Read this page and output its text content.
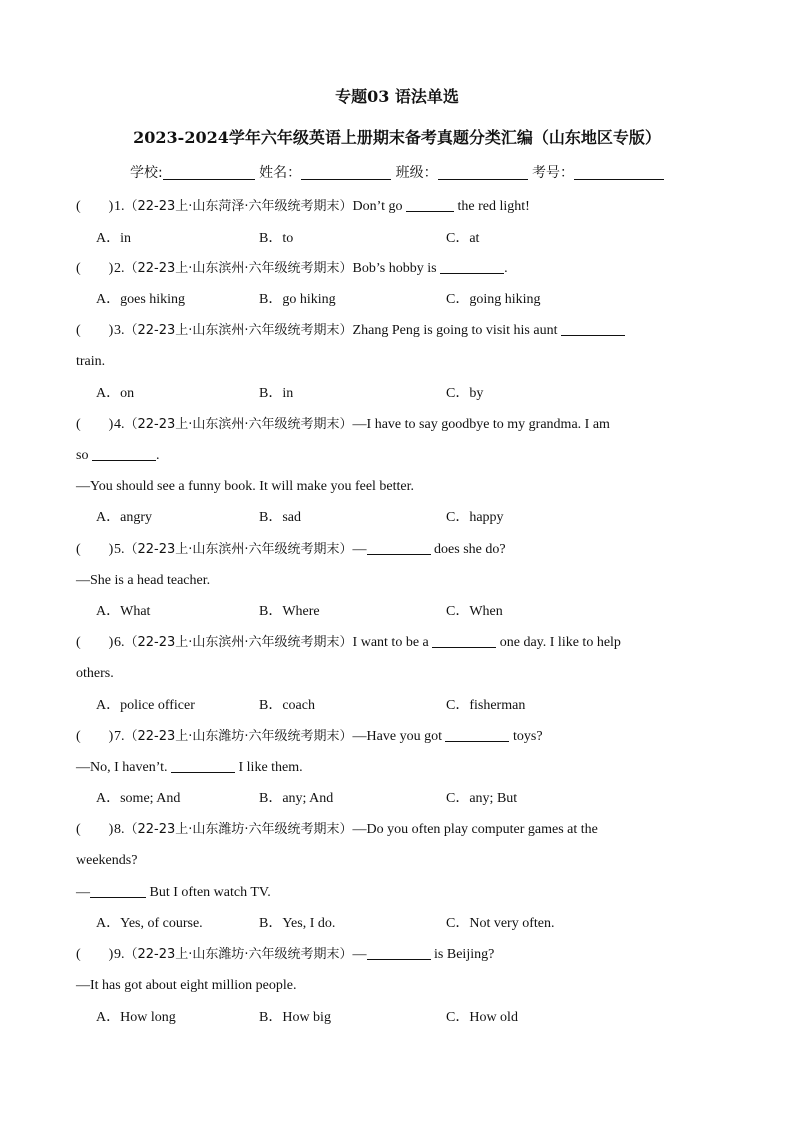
专题03 语法单选
2023-2024学年六年级英语上册期末备考真题分类汇编（山东地区专版）
学校:	姓名：	班级：	考号：
(　　)1.（22-23上·山东菏泽·六年级统考期末）Don’t go	the red light!
A．in	B．to	C．at
(　　)2.（22-23上·山东滨州·六年级统考期末）Bob’s hobby is	.
A．goes hiking	B．go hiking	C．going hiking
(　　)3.（22-23上·山东滨州·六年级统考期末）Zhang Peng is going to visit his aunt
train.
A．on	B．in	C．by
(　　)4.（22-23上·山东滨州·六年级统考期末）—I have to say goodbye to my grandma. I am
so	.
—You should see a funny book. It will make you feel better.
A．angry	B．sad	C．happy
(　　)5.（22-23上·山东滨州·六年级统考期末）—	does she do?
—She is a head teacher.
A．What	B．Where	C．When
(　　)6.（22-23上·山东滨州·六年级统考期末）I want to be a	one day. I like to help
others.
A．police officer	B．coach	C．fisherman
(　　)7.（22-23上·山东潍坊·六年级统考期末）—Have you got	toys?
—No, I haven’t.	I like them.
A．some; And	B．any; And	C．any; But
(　　)8.（22-23上·山东潍坊·六年级统考期末）—Do you often play computer games at the
weekends?
—	But I often watch TV.
A．Yes, of course.	B．Yes, I do.	C．Not very often.
(　　)9.（22-23上·山东潍坊·六年级统考期末）—	is Beijing?
—It has got about eight million people.
A．How long	B．How big	C．How old
